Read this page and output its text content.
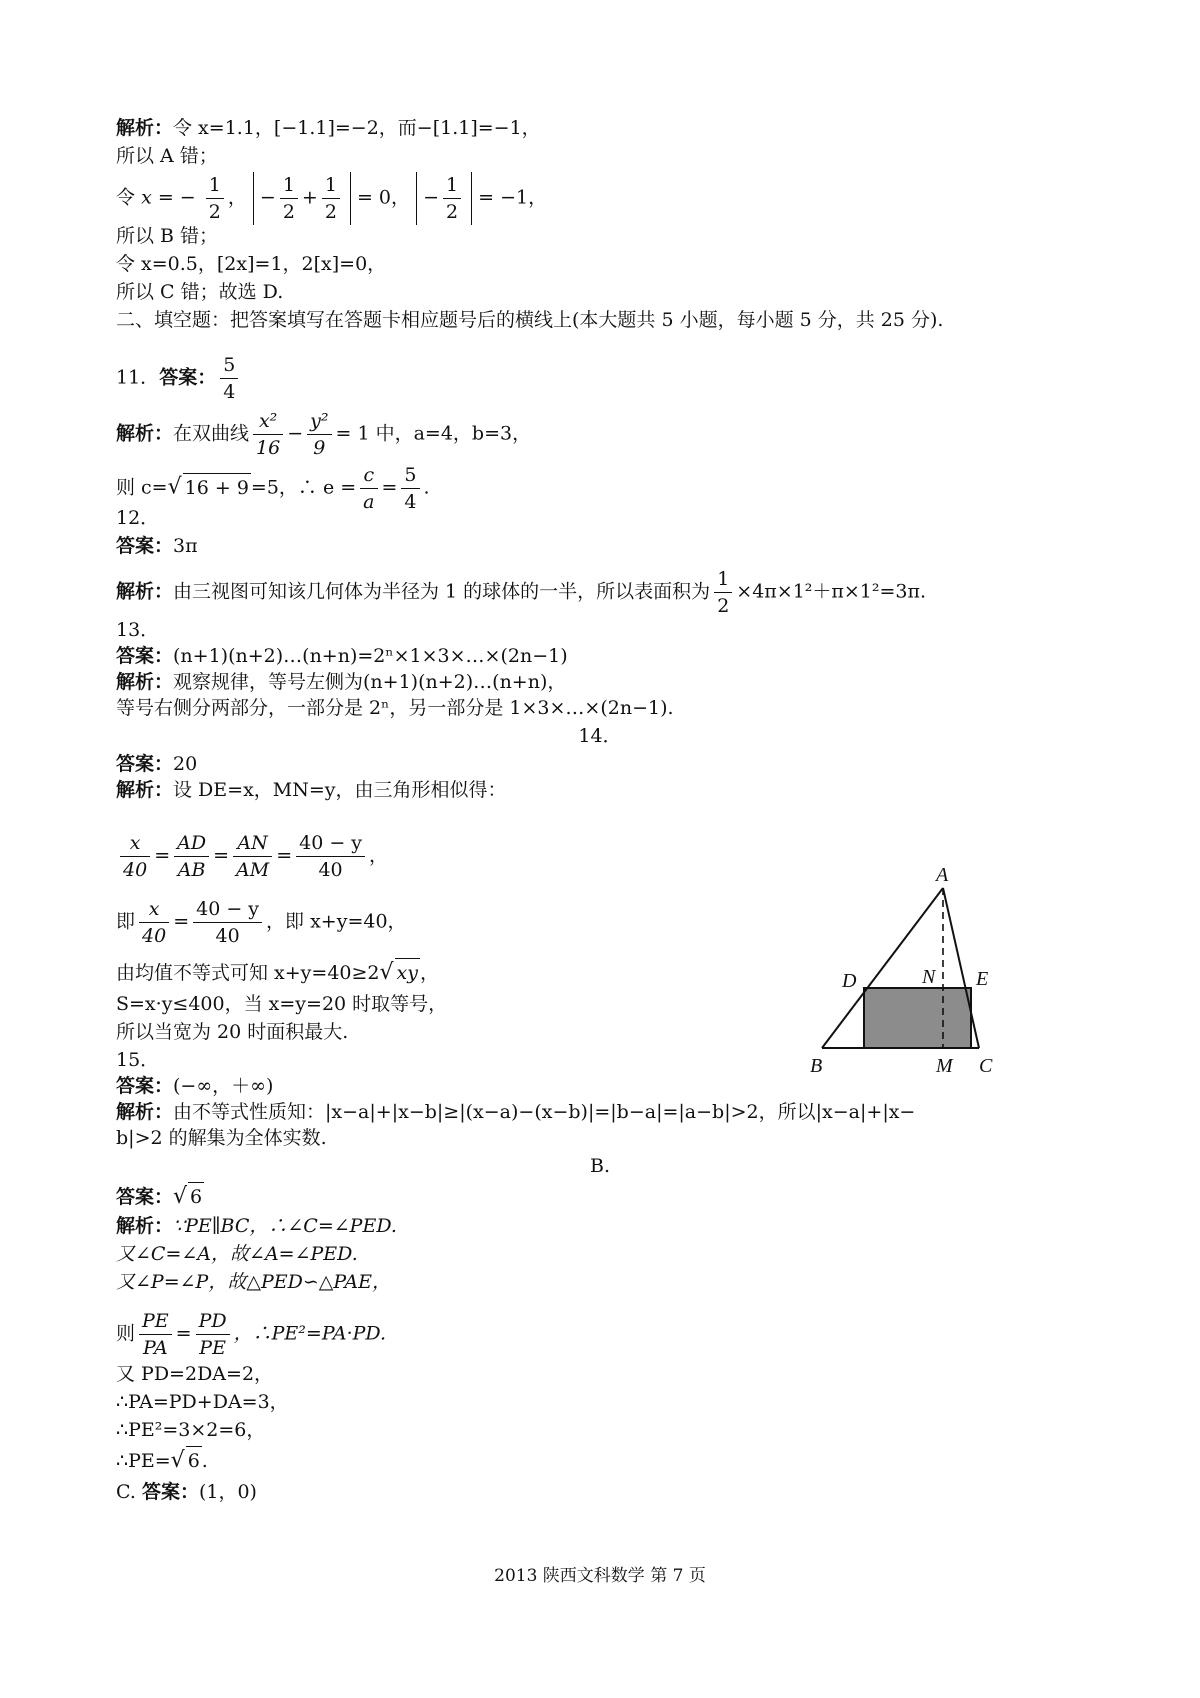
解析：令 x=1.1，[−1.1]=−2，而−[1.1]=−1，
所以 A 错；
令 x = − $\frac{1}{2}$ ， − $\frac{1}{2} + \frac{1}{2} = 0$， − $\frac{1}{2} = -1$，
所以 B 错；
令 x=0.5，[2x]=1，2[x]=0，
所以 C 错；故选 D.
二、填空题：把答案填写在答题卡相应题号后的横线上(本大题共 5 小题，每小题 5 分，共 25 分).
11．答案： $\frac{5}{4}$
解析：在双曲线 $\frac{\text{x²}}{16} - \frac{\text{y²}}{9} = 1$ 中，a=4，b=3，
则 c=√ 16 + 9 =5，∴ $e = \frac{c}{a} = \frac{5}{4}$ .
12．
答案：3π
解析：由三视图可知该几何体为半径为 1 的球体的一半，所以表面积为 $\frac{1}{2} \times 4\pi\times 1^2+\pi\times 1^2=3\pi$.
13．
答案：(n+1)(n+2)…(n+n)=2ⁿ×1×3×…×(2n−1)
解析：观察规律，等号左侧为(n+1)(n+2)…(n+n)，
等号右侧分两部分，一部分是 2ⁿ，另一部分是 1×3×…×(2n−1).
14．
答案：20
解析：设 DE=x，MN=y，由三角形相似得：
$\frac{x}{40} = \frac{AD}{AB} = \frac{AN}{AM} = \frac{40 - y}{40}$ ，
即 $\frac{x}{40} = \frac{40 - y}{40}$ ，即 x+y=40，
由均值不等式可知 x+y=40≥2√ xy ，
S=x·y≤400，当 x=y=20 时取等号，
所以当宽为 20 时面积最大.
A
B	C
D	E
M
N
15．
答案：(−∞，＋∞)
解析：由不等式性质知：|x−a|+|x−b|≥|(x−a)−(x−b)|=|b−a|=|a−b|>2，所以|x−a|+|x−
b|>2 的解集为全体实数.
B.
答案：√ 6
解析：∵PE∥BC，∴∠C=∠PED.
又∠C=∠A，故∠A=∠PED.
又∠P=∠P，故△PED∽△PAE，
则 $\frac{PE}{PA} = \frac{PD}{PE}$ ，∴PE²=PA·PD.
又 PD=2DA=2，
∴PA=PD+DA=3，
∴PE²=3×2=6，
∴PE=√ 6 .
C. 答案：(1，0)
2013 陕西文科数学 第 7 页
